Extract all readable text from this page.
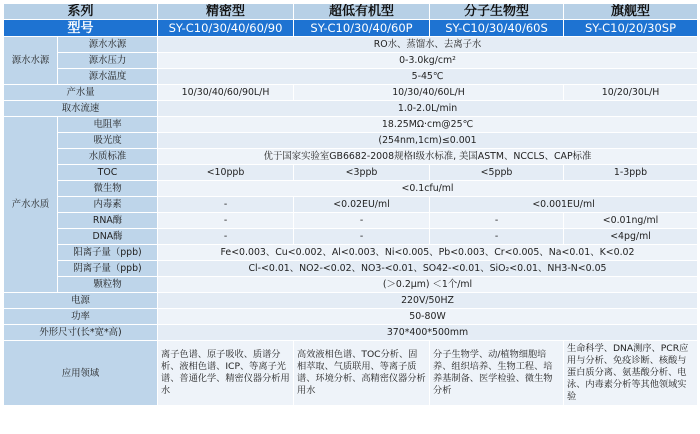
系列		精密型	超低有机型	分子生物型	旗舰型
型号		SY-C10/30/40/60/90	SY-C10/30/40/60P	SY-C10/30/40/60S	SY-C10/20/30SP
源水水源	源水水源	RO水、蒸馏水、去离子水			
	源水压力	0-3.0kg/cm²			
	源水温度	5-45℃			
产水量		10/30/40/60/90L/H	10/30/40/60L/H		10/20/30L/H
取水流速		1.0-2.0L/min			
产水水质	电阻率	18.25MΩ·cm@25℃			
	吸光度	(254nm,1cm)≤0.001			
	水质标准	优于国家实验室GB6682-2008规格Ⅰ级水标准, 美国ASTM、NCCLS、CAP标准			
	TOC	<10ppb	<3ppb	<5ppb	1-3ppb
	微生物	<0.1cfu/ml			
	内毒素	-	<0.02EU/ml	<0.001EU/ml	
	RNA酶	-	-	-	<0.01ng/ml
	DNA酶	-	-	-	<4pg/ml
	阳离子量（ppb)	Fe<0.003、Cu<0.002、Al<0.003、Ni<0.005、Pb<0.003、Cr<0.005、Na<0.01、K<0.02			
	阴离子量（ppb)	Cl-<0.01、NO2-<0.02、NO3-<0.01、SO42-<0.01、SiO₂<0.01、NH3-N<0.05			
	颗粒物	(＞0.2μm) ＜1个/ml			
电源		220V/50HZ			
功率		50-80W			
外形尺寸(长*宽*高)		370*400*500mm			
应用领域		离子色谱、原子吸收、质谱分析、液相色谱、ICP、等离子光谱、普通化学、精密仪器分析用水	高效液相色谱、TOC分析、固相萃取、气质联用、等离子质谱、环境分析、高精密仪器分析用水	分子生物学、动/植物细胞培养、组织培养、生物工程、培养基制备、医学检验、微生物分析	生命科学、DNA测序、PCR应用与分析、免疫诊断、核酸与蛋白质分离、氨基酸分析、电泳、内毒素分析等其他领域实验
